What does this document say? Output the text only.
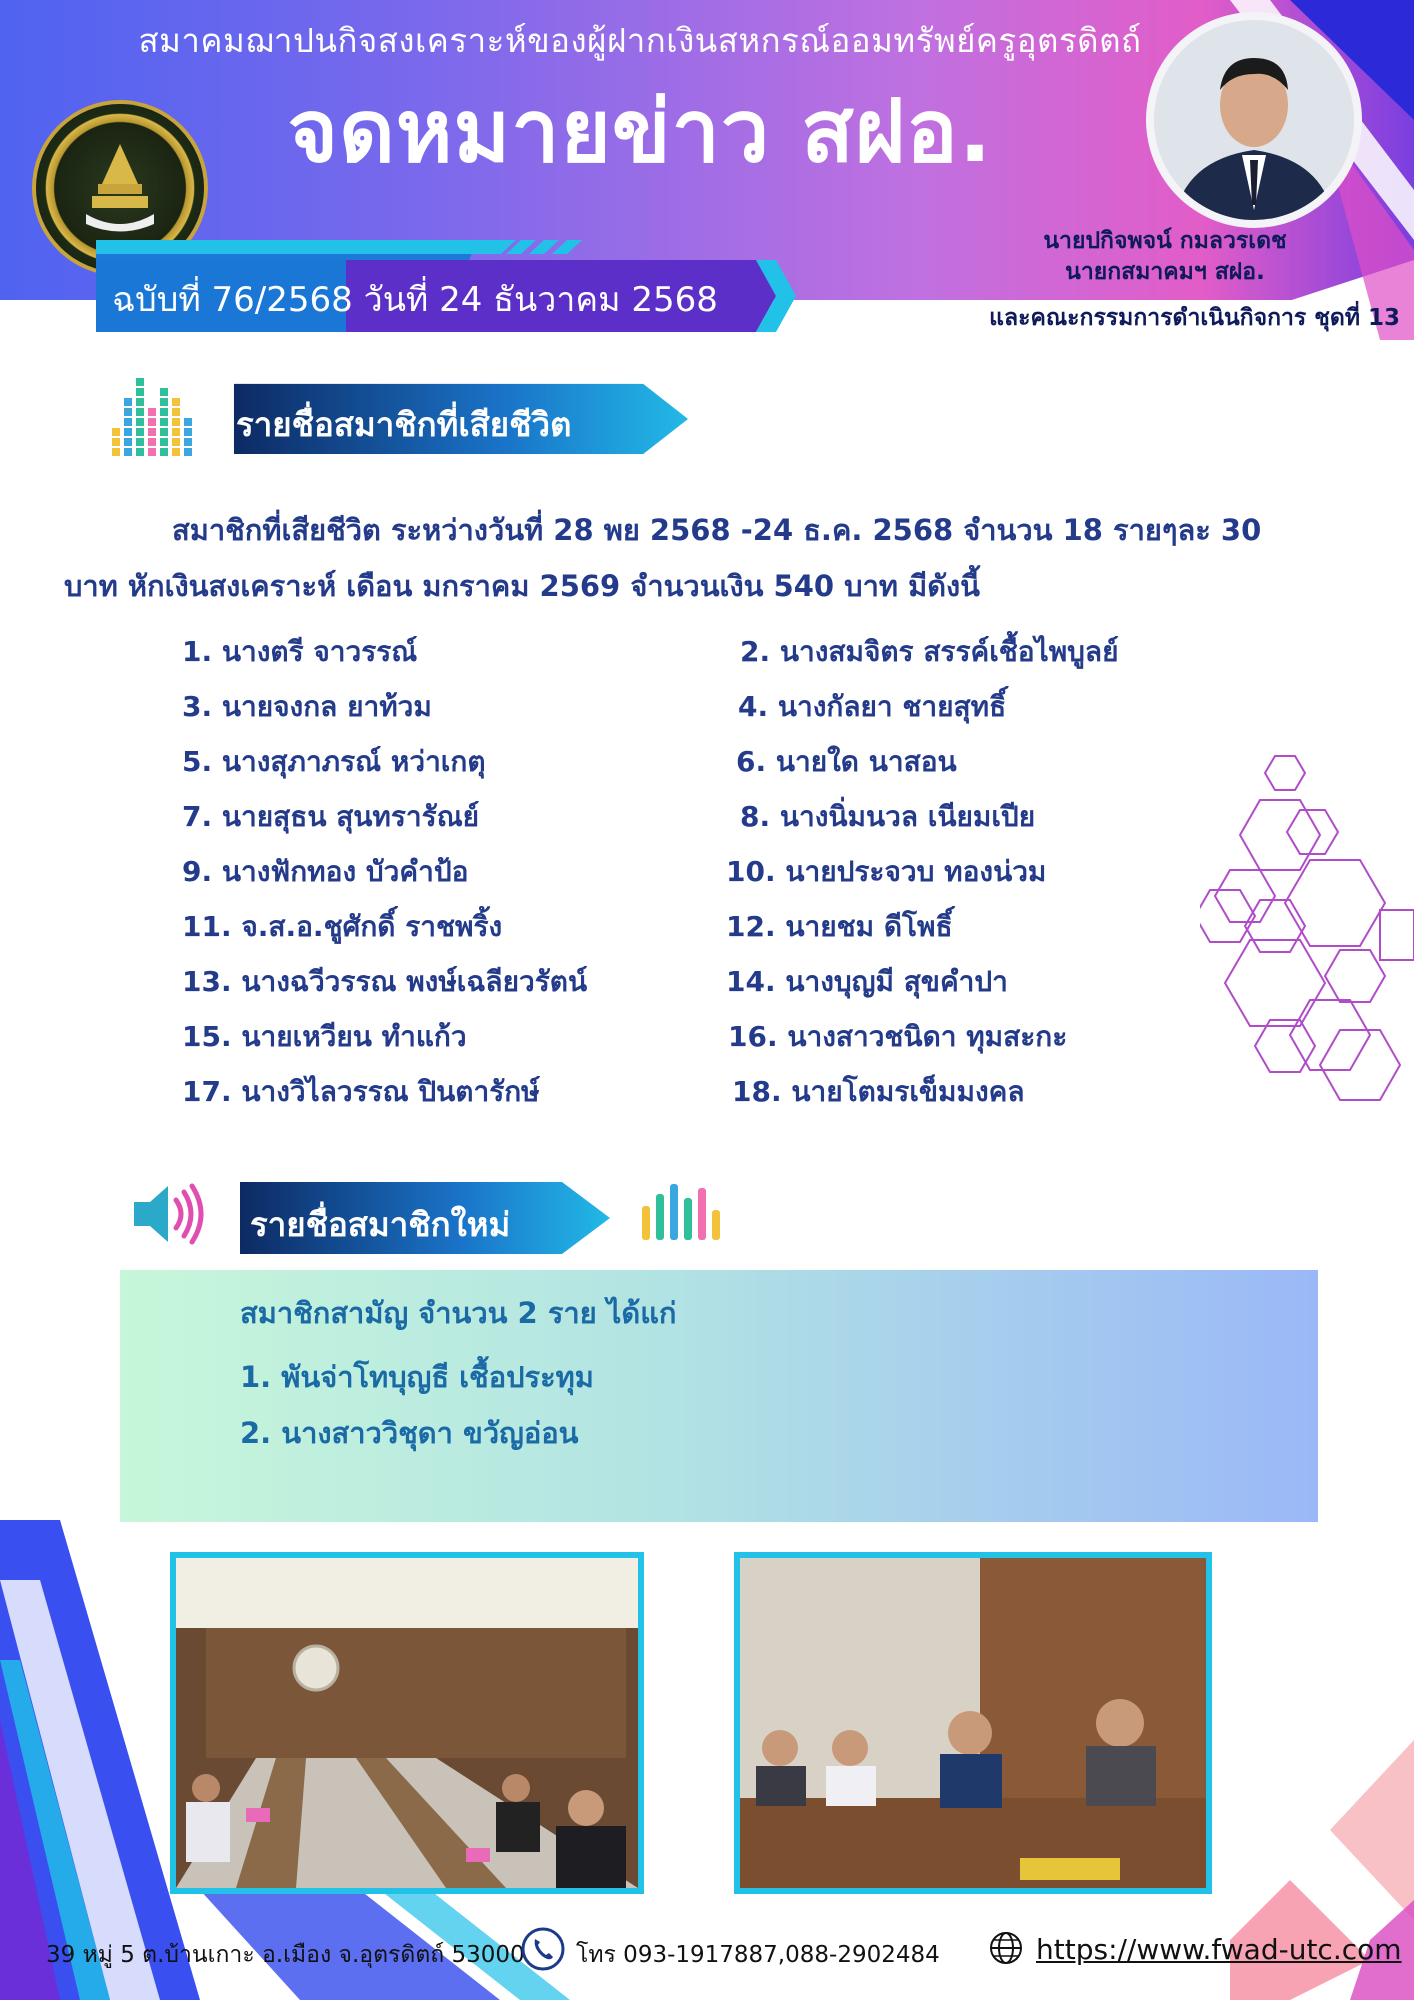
สมาคมฌาปนกิจสงเคราะห์ของผู้ฝากเงินสหกรณ์ออมทรัพย์ครูอุตรดิตถ์
จดหมายข่าว สฝอ.
นายปกิจพจน์ กมลวรเดช
นายกสมาคมฯ สฝอ.
และคณะกรรมการดำเนินกิจการ ชุดที่ 13
ฉบับที่ 76/2568 วันที่ 24 ธันวาคม 2568
รายชื่อสมาชิกที่เสียชีวิต
สมาชิกที่เสียชีวิต ระหว่างวันที่ 28 พย 2568 -24 ธ.ค. 2568 จำนวน 18 รายๆละ 30
บาท หักเงินสงเคราะห์ เดือน มกราคม 2569 จำนวนเงิน 540 บาท มีดังนี้
1. นางตรี จาวรรณ์	2. นางสมจิตร สรรค์เชื้อไพบูลย์
3. นายจงกล ยาท้วม	4. นางกัลยา ชายสุทธิ์
5. นางสุภาภรณ์ หว่าเกตุ	6. นายใด นาสอน
7. นายสุธน สุนทรารัณย์	8. นางนิ่มนวล เนียมเปีย
9. นางฟักทอง บัวคำป้อ	10. นายประจวบ ทองน่วม
11. จ.ส.อ.ชูศักดิ์ ราชพริ้ง	12. นายชม ดีโพธิ์
13. นางฉวีวรรณ พงษ์เฉลียวรัตน์	14. นางบุญมี สุขคำปา
15. นายเหวียน ทำแก้ว	16. นางสาวชนิดา ทุมสะกะ
17. นางวิไลวรรณ ปินตารักษ์	18. นายโตมรเข็มมงคล
รายชื่อสมาชิกใหม่
สมาชิกสามัญ จำนวน 2 ราย ได้แก่
1. พันจ่าโทบุญธี เชื้อประทุม
2. นางสาววิชุดา ขวัญอ่อน
39 หมู่ 5 ต.บ้านเกาะ อ.เมือง จ.อุตรดิตถ์ 53000 โทร 093-1917887,088-2902484	https://www.fwad-utc.com
